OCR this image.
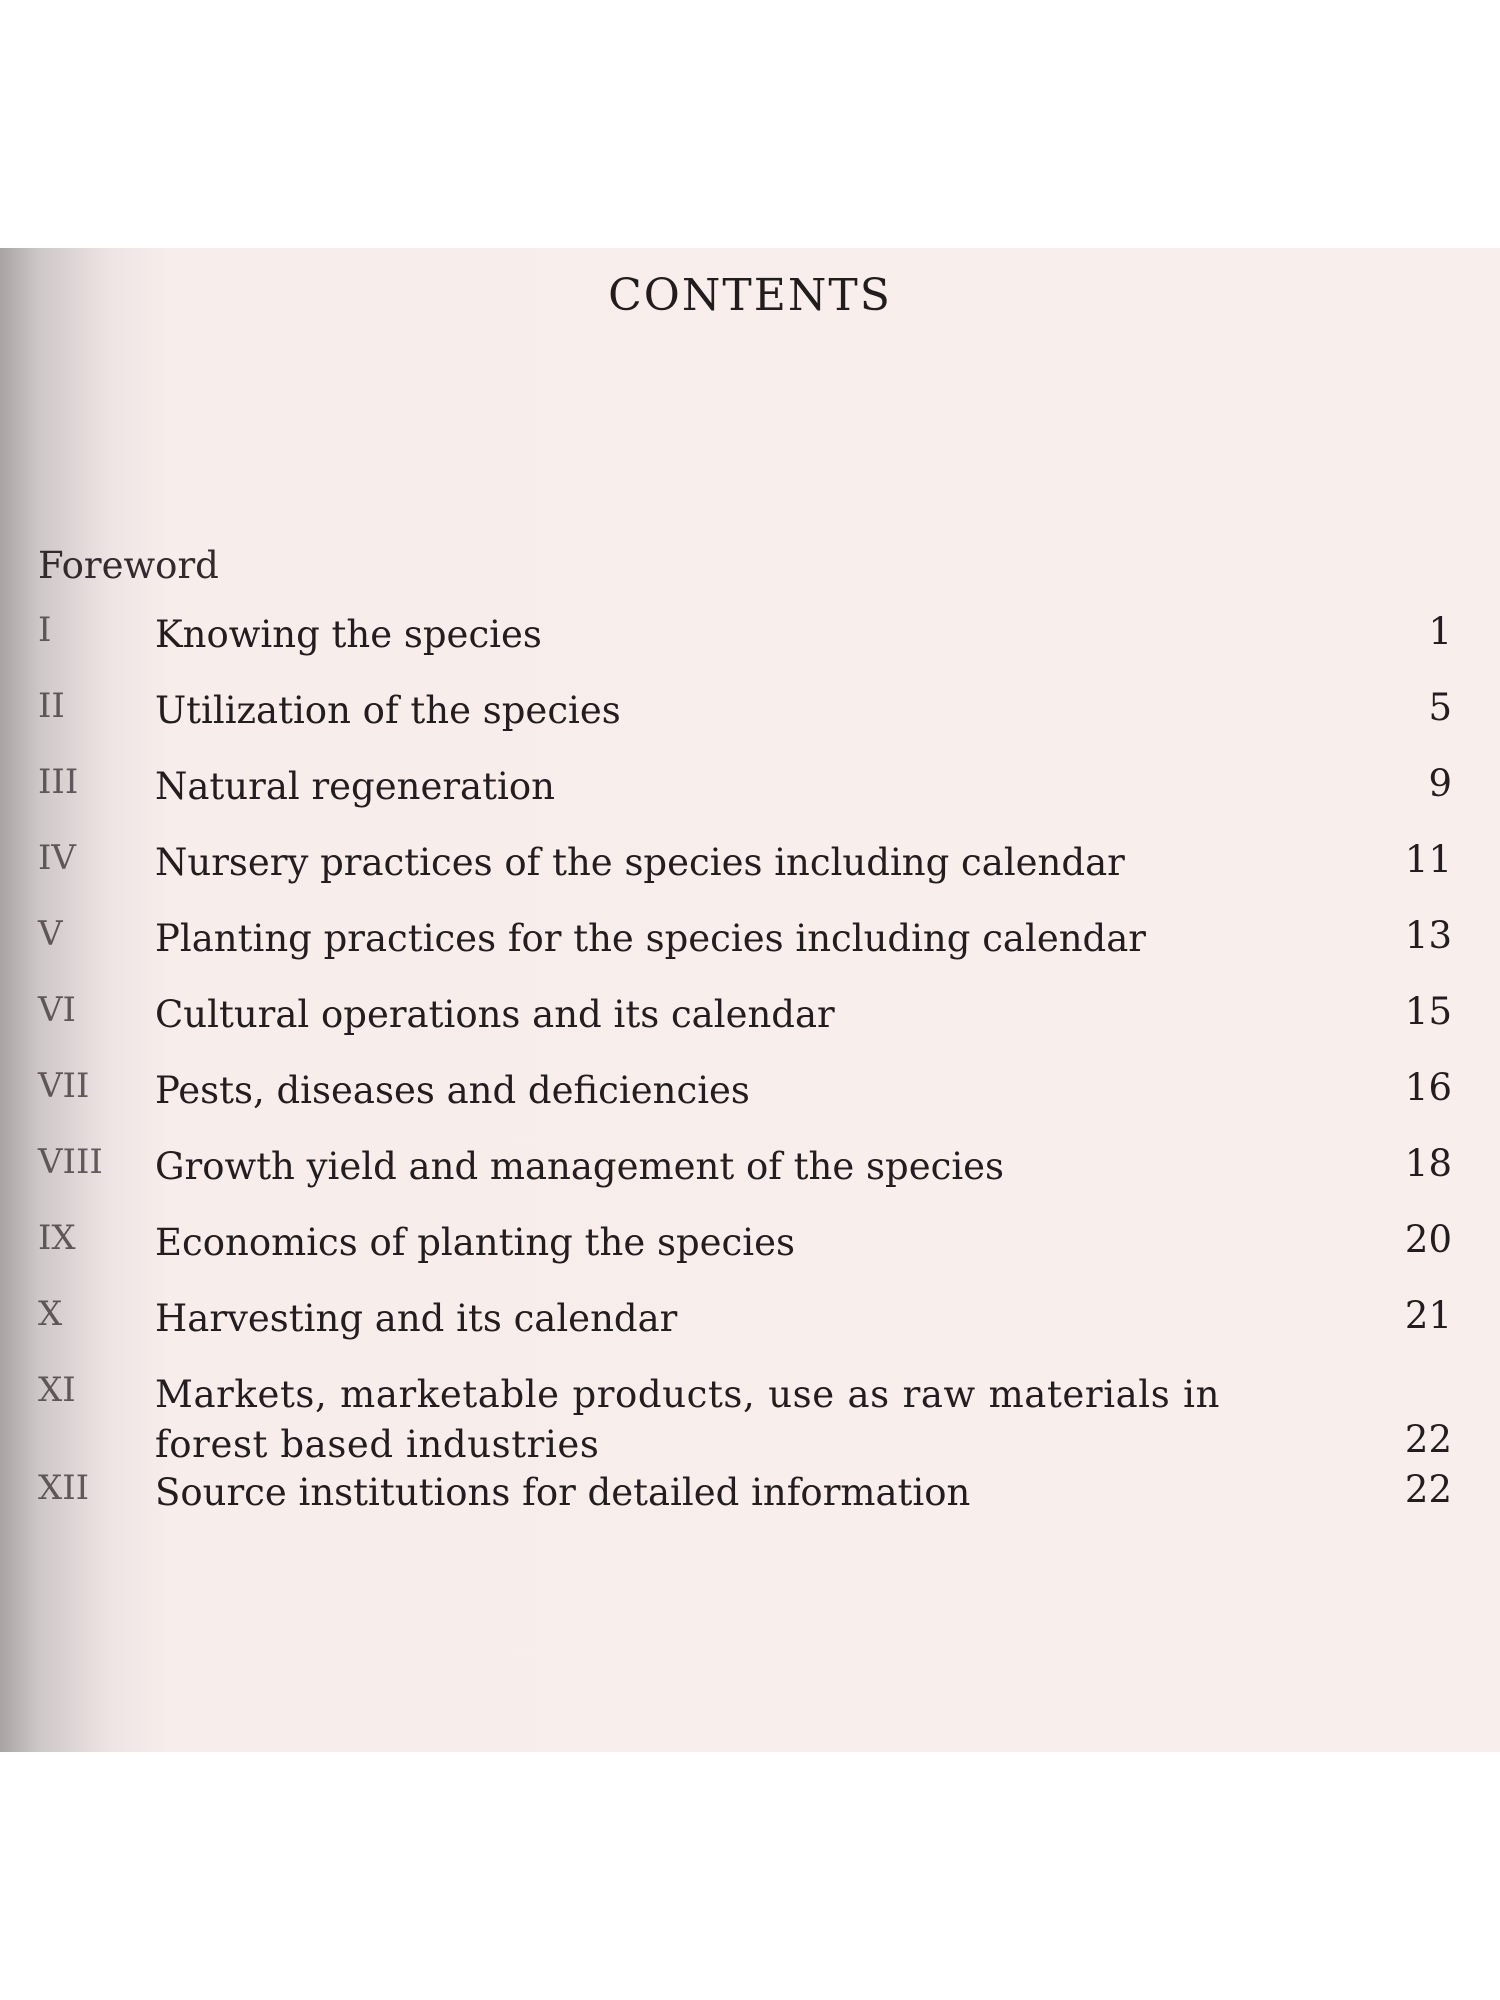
CONTENTS
Foreword
I	Knowing the species	1
II Utilization of the species	5
III Natural regeneration	9
IV Nursery practices of the species including calendar	11
V Planting practices for the species including calendar	13
VI Cultural operations and its calendar	15
VII Pests, diseases and deficiencies	16
VIII Growth yield and management of the species	18
IX Economics of planting the species	20
X	Harvesting and its calendar	21
XI Markets, marketable products, use as raw materials in forest based industries	22
XII Source institutions for detailed information	22
